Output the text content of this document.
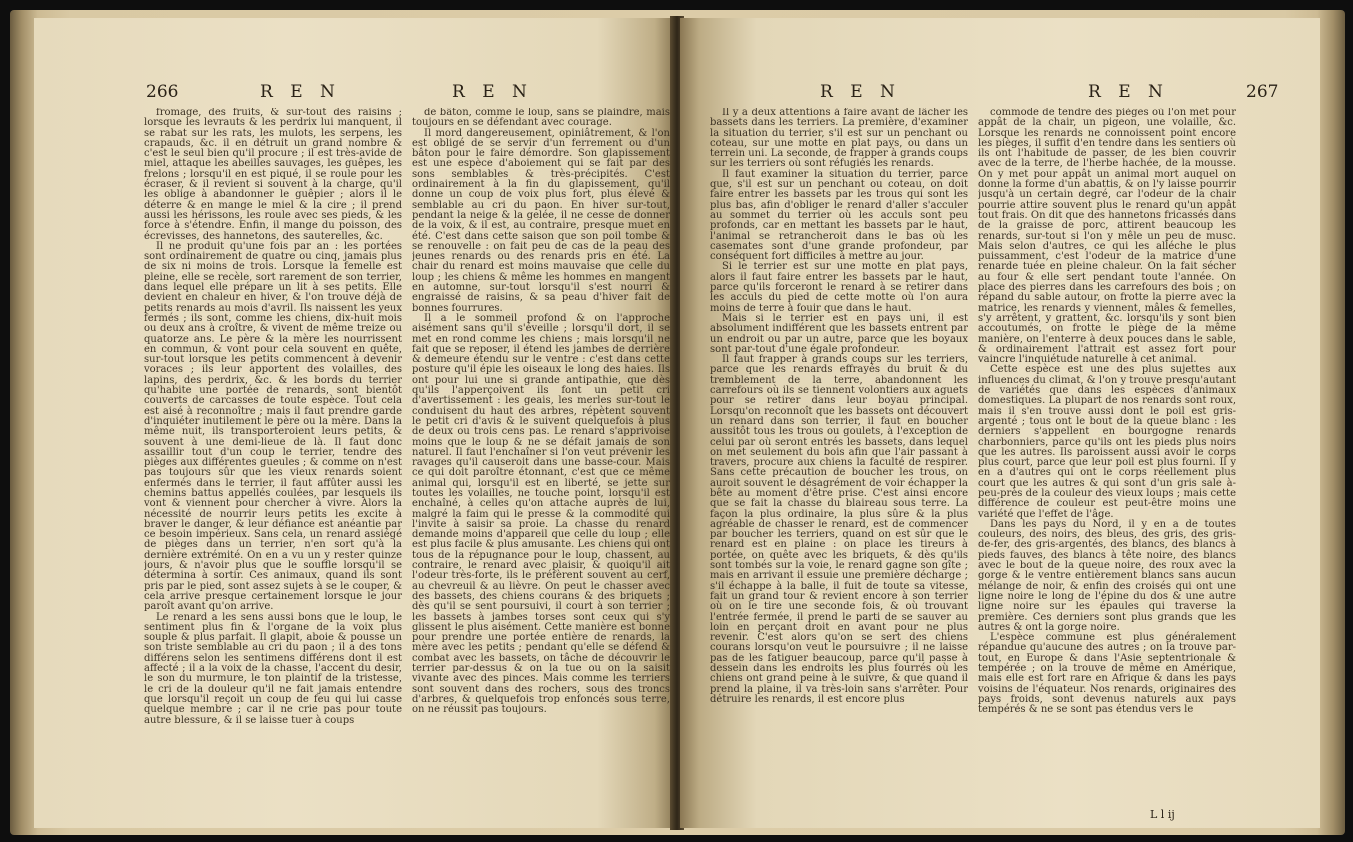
266	R E N	R E N

fromage, des fruits, & sur-tout des raisins ; lorsque les levrauts & les perdrix lui manquent, il se rabat sur les rats, les mulots, les serpens, les crapauds, &c. il en détruit un grand nombre & c'est le seul bien qu'il procure ; il est très-avide de miel, attaque les abeilles sauvages, les guêpes, les frelons ; lorsqu'il en est piqué, il se roule pour les écraser, & il revient si souvent à la charge, qu'il les oblige à abandonner le guêpier ; alors il le déterre & en mange le miel & la cire ; il prend aussi les hérissons, les roule avec ses pieds, & les force à s'étendre. Enfin, il mange du poisson, des écrevisses, des hannetons, des sauterelles, &c.

Il ne produit qu'une fois par an : les portées sont ordinairement de quatre ou cinq, jamais plus de six ni moins de trois. Lorsque la femelle est pleine, elle se recèle, sort rarement de son terrier, dans lequel elle prépare un lit à ses petits. Elle devient en chaleur en hiver, & l'on trouve déjà de petits renards au mois d'avril. Ils naissent les yeux fermés ; ils sont, comme les chiens, dix-huit mois ou deux ans à croître, & vivent de même treize ou quatorze ans. Le père & la mère les nourrissent en commun, & vont pour cela souvent en quête, sur-tout lorsque les petits commencent à devenir voraces ; ils leur apportent des volailles, des lapins, des perdrix, &c. & les bords du terrier qu'habite une portée de renards, sont bientôt couverts de carcasses de toute espèce. Tout cela est aisé à reconnoître ; mais il faut prendre garde d'inquiéter inutilement le père ou la mère. Dans la même nuit, ils transporteroient leurs petits, & souvent à une demi-lieue de là. Il faut donc assaillir tout d'un coup le terrier, tendre des pièges aux différentes gueules ; & comme on n'est pas toujours sûr que les vieux renards soient enfermés dans le terrier, il faut affûter aussi les chemins battus appellés coulées, par lesquels ils vont & viennent pour chercher à vivre. Alors la nécessité de nourrir leurs petits les excite à braver le danger, & leur défiance est anéantie par ce besoin impérieux. Sans cela, un renard assiégé de pièges dans un terrier, n'en sort qu'à la dernière extrémité. On en a vu un y rester quinze jours, & n'avoir plus que le souffle lorsqu'il se détermina à sortir. Ces animaux, quand ils sont pris par le pied, sont assez sujets à se le couper, & cela arrive presque certainement lorsque le jour paroît avant qu'on arrive.

Le renard a les sens aussi bons que le loup, le sentiment plus fin & l'organe de la voix plus souple & plus parfait. Il glapit, aboie & pousse un son triste semblable au cri du paon ; il a des tons différens selon les sentimens différens dont il est affecté ; il a la voix de la chasse, l'accent du desir, le son du murmure, le ton plaintif de la tristesse, le cri de la douleur qu'il ne fait jamais entendre que lorsqu'il reçoit un coup de feu qui lui casse quelque membre ; car il ne crie pas pour toute autre blessure, & il se laisse tuer à coups

de bâton, comme le loup, sans se plaindre, mais toujours en se défendant avec courage.

Il mord dangereusement, opiniâtrement, & l'on est obligé de se servir d'un ferrement ou d'un bâton pour le faire démordre. Son glapissement est une espèce d'aboiement qui se fait par des sons semblables & très-précipités. C'est ordinairement à la fin du glapissement, qu'il donne un coup de voix plus fort, plus élevé & semblable au cri du paon. En hiver sur-tout, pendant la neige & la gelée, il ne cesse de donner de la voix, & il est, au contraire, presque muet en été. C'est dans cette saison que son poil tombe & se renouvelle : on fait peu de cas de la peau des jeunes renards ou des renards pris en été. La chair du renard est moins mauvaise que celle du loup ; les chiens & même les hommes en mangent en automne, sur-tout lorsqu'il s'est nourri & engraissé de raisins, & sa peau d'hiver fait de bonnes fourrures.

Il a le sommeil profond & on l'approche aisément sans qu'il s'éveille ; lorsqu'il dort, il se met en rond comme les chiens ; mais lorsqu'il ne fait que se reposer, il étend les jambes de derrière & demeure étendu sur le ventre : c'est dans cette posture qu'il épie les oiseaux le long des haies. Ils ont pour lui une si grande antipathie, que dès qu'ils l'apperçoivent ils font un petit cri d'avertissement : les geais, les merles sur-tout le conduisent du haut des arbres, répètent souvent le petit cri d'avis & le suivent quelquefois à plus de deux ou trois cens pas. Le renard s'apprivoise moins que le loup & ne se défait jamais de son naturel. Il faut l'enchaîner si l'on veut prévenir les ravages qu'il causeroit dans une basse-cour. Mais ce qui doit paroître étonnant, c'est que ce même animal qui, lorsqu'il est en liberté, se jette sur toutes les volailles, ne touche point, lorsqu'il est enchaîné, à celles qu'on attache auprès de lui, malgré la faim qui le presse & la commodité qui l'invite à saisir sa proie. La chasse du renard demande moins d'appareil que celle du loup ; elle est plus facile & plus amusante. Les chiens qui ont tous de la répugnance pour le loup, chassent, au contraire, le renard avec plaisir, & quoiqu'il ait l'odeur très-forte, ils le préfèrent souvent au cerf, au chevreuil & au lièvre. On peut le chasser avec des bassets, des chiens courans & des briquets ; dès qu'il se sent poursuivi, il court à son terrier ; les bassets à jambes torses sont ceux qui s'y glissent le plus aisément. Cette manière est bonne pour prendre une portée entière de renards, la mère avec les petits ; pendant qu'elle se défend & combat avec les bassets, on tâche de découvrir le terrier par-dessus & on la tue ou on la saisit vivante avec des pinces. Mais comme les terriers sont souvent dans des rochers, sous des troncs d'arbres, & quelquefois trop enfoncés sous terre, on ne réussit pas toujours.

R E N	R E N	267

Il y a deux attentions à faire avant de lâcher les bassets dans les terriers. La première, d'examiner la situation du terrier, s'il est sur un penchant ou coteau, sur une motte en plat pays, ou dans un terrein uni. La seconde, de frapper à grands coups sur les terriers où sont réfugiés les renards.

Il faut examiner la situation du terrier, parce que, s'il est sur un penchant ou coteau, on doit faire entrer les bassets par les trous qui sont les plus bas, afin d'obliger le renard d'aller s'acculer au sommet du terrier où les acculs sont peu profonds, car en mettant les bassets par le haut, l'animal se retrancheroit dans le bas où les casemates sont d'une grande profondeur, par conséquent fort difficiles à mettre au jour.

Si le terrier est sur une motte en plat pays, alors il faut faire entrer les bassets par le haut, parce qu'ils forceront le renard à se retirer dans les acculs du pied de cette motte où l'on aura moins de terre à fouir que dans le haut.

Mais si le terrier est en pays uni, il est absolument indifférent que les bassets entrent par un endroit ou par un autre, parce que les boyaux sont par-tout d'une égale profondeur.

Il faut frapper à grands coups sur les terriers, parce que les renards effrayés du bruit & du tremblement de la terre, abandonnent les carrefours où ils se tiennent volontiers aux aguets pour se retirer dans leur boyau principal. Lorsqu'on reconnoît que les bassets ont découvert un renard dans son terrier, il faut en boucher aussitôt tous les trous ou goulets, à l'exception de celui par où seront entrés les bassets, dans lequel on met seulement du bois afin que l'air passant à travers, procure aux chiens la faculté de respirer. Sans cette précaution de boucher les trous, on auroit souvent le désagrément de voir échapper la bête au moment d'être prise. C'est ainsi encore que se fait la chasse du blaireau sous terre. La façon la plus ordinaire, la plus sûre & la plus agréable de chasser le renard, est de commencer par boucher les terriers, quand on est sûr que le renard est en plaine : on place les tireurs à portée, on quête avec les briquets, & dès qu'ils sont tombés sur la voie, le renard gagne son gîte ; mais en arrivant il essuie une première décharge ; s'il échappe à la balle, il fuit de toute sa vitesse, fait un grand tour & revient encore à son terrier où on le tire une seconde fois, & où trouvant l'entrée fermée, il prend le parti de se sauver au loin en perçant droit en avant pour ne plus revenir. C'est alors qu'on se sert des chiens courans lorsqu'on veut le poursuivre ; il ne laisse pas de les fatiguer beaucoup, parce qu'il passe à dessein dans les endroits les plus fourrés où les chiens ont grand peine à le suivre, & que quand il prend la plaine, il va très-loin sans s'arrêter. Pour détruire les renards, il est encore plus

commode de tendre des pièges où l'on met pour appât de la chair, un pigeon, une volaille, &c. Lorsque les renards ne connoissent point encore les pièges, il suffit d'en tendre dans les sentiers où ils ont l'habitude de passer, de les bien couvrir avec de la terre, de l'herbe hachée, de la mousse. On y met pour appât un animal mort auquel on donne la forme d'un abattis, & on l'y laisse pourrir jusqu'à un certain degré, car l'odeur de la chair pourrie attire souvent plus le renard qu'un appât tout frais. On dit que des hannetons fricassés dans de la graisse de porc, attirent beaucoup les renards, sur-tout si l'on y mêle un peu de musc. Mais selon d'autres, ce qui les alléche le plus puissamment, c'est l'odeur de la matrice d'une renarde tuée en pleine chaleur. On la fait sécher au four & elle sert pendant toute l'année. On place des pierres dans les carrefours des bois ; on répand du sable autour, on frotte la pierre avec la matrice, les renards y viennent, mâles & femelles, s'y arrêtent, y grattent, &c. lorsqu'ils y sont bien accoutumés, on frotte le piège de la même manière, on l'enterre à deux pouces dans le sable, & ordinairement l'attrait est assez fort pour vaincre l'inquiétude naturelle à cet animal.

Cette espèce est une des plus sujettes aux influences du climat, & l'on y trouve presqu'autant de variétés que dans les espèces d'animaux domestiques. La plupart de nos renards sont roux, mais il s'en trouve aussi dont le poil est gris-argenté ; tous ont le bout de la queue blanc : les derniers s'appellent en bourgogne renards charbonniers, parce qu'ils ont les pieds plus noirs que les autres. Ils paroissent aussi avoir le corps plus court, parce que leur poil est plus fourni. Il y en a d'autres qui ont le corps réellement plus court que les autres & qui sont d'un gris sale à-peu-près de la couleur des vieux loups ; mais cette différence de couleur est peut-être moins une variété que l'effet de l'âge.

Dans les pays du Nord, il y en a de toutes couleurs, des noirs, des bleus, des gris, des gris-de-fer, des gris-argentés, des blancs, des blancs à pieds fauves, des blancs à tête noire, des blancs avec le bout de la queue noire, des roux avec la gorge & le ventre entièrement blancs sans aucun mélange de noir, & enfin des croisés qui ont une ligne noire le long de l'épine du dos & une autre ligne noire sur les épaules qui traverse la première. Ces derniers sont plus grands que les autres & ont la gorge noire.

L'espèce commune est plus généralement répandue qu'aucune des autres ; on la trouve par-tout, en Europe & dans l'Asie septentrionale & tempérée ; on la trouve de même en Amérique, mais elle est fort rare en Afrique & dans les pays voisins de l'équateur. Nos renards, originaires des pays froids, sont devenus naturels aux pays tempérés & ne se sont pas étendus vers le

L l ij
